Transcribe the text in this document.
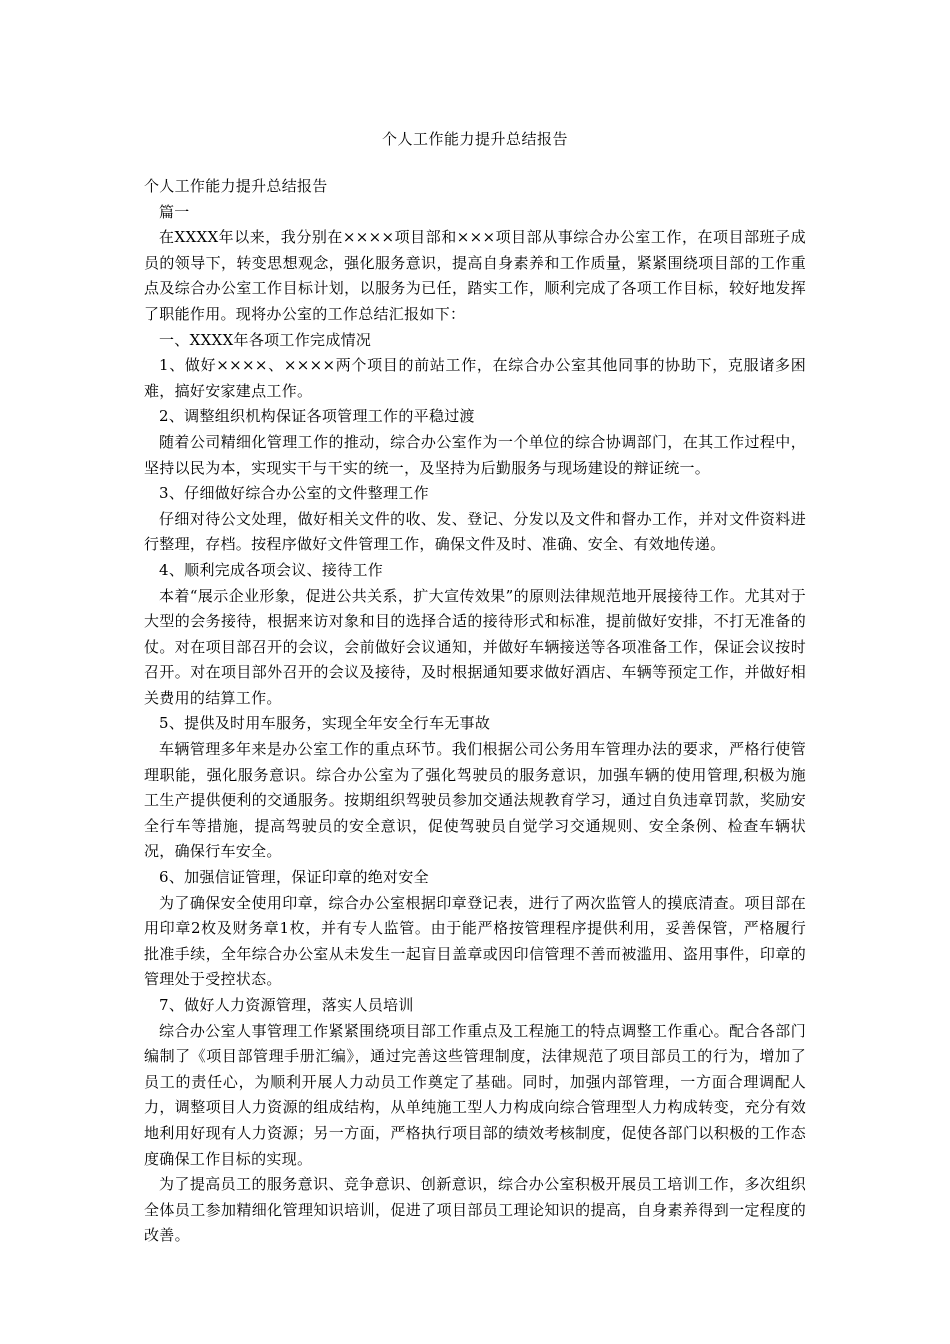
个人工作能力提升总结报告

个人工作能力提升总结报告

篇一

在XXXX年以来，我分别在××××项目部和×××项目部从事综合办公室工作，在项目部班子成员的领导下，转变思想观念，强化服务意识，提高自身素养和工作质量，紧紧围绕项目部的工作重点及综合办公室工作目标计划，以服务为已任，踏实工作，顺利完成了各项工作目标，较好地发挥了职能作用。现将办公室的工作总结汇报如下：

一、XXXX年各项工作完成情况

1、做好××××、××××两个项目的前站工作，在综合办公室其他同事的协助下，克服诸多困难，搞好安家建点工作。

2、调整组织机构保证各项管理工作的平稳过渡

随着公司精细化管理工作的推动，综合办公室作为一个单位的综合协调部门，在其工作过程中，坚持以民为本，实现实干与干实的统一，及坚持为后勤服务与现场建设的辩证统一。

3、仔细做好综合办公室的文件整理工作

仔细对待公文处理，做好相关文件的收、发、登记、分发以及文件和督办工作，并对文件资料进行整理，存档。按程序做好文件管理工作，确保文件及时、准确、安全、有效地传递。

4、顺利完成各项会议、接待工作

本着“展示企业形象，促进公共关系，扩大宣传效果”的原则法律规范地开展接待工作。尤其对于大型的会务接待，根据来访对象和目的选择合适的接待形式和标准，提前做好安排，不打无准备的仗。对在项目部召开的会议，会前做好会议通知，并做好车辆接送等各项准备工作，保证会议按时召开。对在项目部外召开的会议及接待，及时根据通知要求做好酒店、车辆等预定工作，并做好相关费用的结算工作。

5、提供及时用车服务，实现全年安全行车无事故

车辆管理多年来是办公室工作的重点环节。我们根据公司公务用车管理办法的要求，严格行使管理职能，强化服务意识。综合办公室为了强化驾驶员的服务意识，加强车辆的使用管理,积极为施工生产提供便利的交通服务。按期组织驾驶员参加交通法规教育学习，通过自负违章罚款，奖励安全行车等措施，提高驾驶员的安全意识，促使驾驶员自觉学习交通规则、安全条例、检查车辆状况，确保行车安全。

6、加强信证管理，保证印章的绝对安全

为了确保安全使用印章，综合办公室根据印章登记表，进行了两次监管人的摸底清查。项目部在用印章2枚及财务章1枚，并有专人监管。由于能严格按管理程序提供利用，妥善保管，严格履行批准手续，全年综合办公室从未发生一起盲目盖章或因印信管理不善而被滥用、盗用事件，印章的管理处于受控状态。

7、做好人力资源管理，落实人员培训

综合办公室人事管理工作紧紧围绕项目部工作重点及工程施工的特点调整工作重心。配合各部门编制了《项目部管理手册汇编》，通过完善这些管理制度，法律规范了项目部员工的行为，增加了员工的责任心，为顺利开展人力动员工作奠定了基础。同时，加强内部管理，一方面合理调配人力，调整项目人力资源的组成结构，从单纯施工型人力构成向综合管理型人力构成转变，充分有效地利用好现有人力资源；另一方面，严格执行项目部的绩效考核制度，促使各部门以积极的工作态度确保工作目标的实现。

为了提高员工的服务意识、竞争意识、创新意识，综合办公室积极开展员工培训工作，多次组织全体员工参加精细化管理知识培训，促进了项目部员工理论知识的提高，自身素养得到一定程度的改善。
